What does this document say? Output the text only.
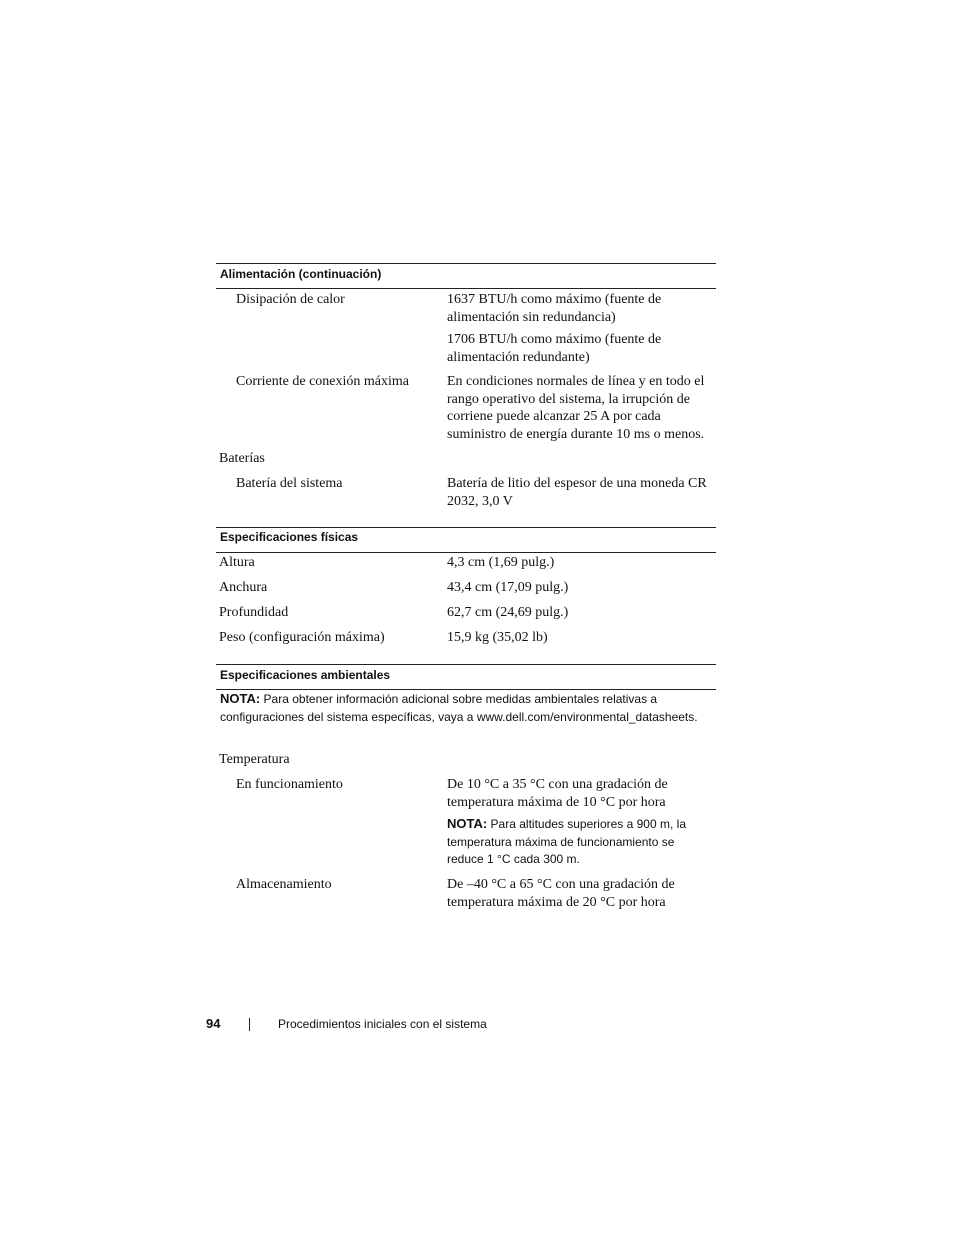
Alimentación (continuación)
Disipación de calor	1637 BTU/h como máximo (fuente de alimentación sin redundancia)
1706 BTU/h como máximo (fuente de alimentación redundante)
Corriente de conexión máxima	En condiciones normales de línea y en todo el rango operativo del sistema, la irrupción de corriene puede alcanzar 25 A por cada suministro de energía durante 10 ms o menos.
Baterías
Batería del sistema	Batería de litio del espesor de una moneda CR 2032, 3,0 V
Especificaciones físicas
Altura	4,3 cm (1,69 pulg.)
Anchura	43,4 cm (17,09 pulg.)
Profundidad	62,7 cm (24,69 pulg.)
Peso (configuración máxima)	15,9 kg (35,02 lb)
Especificaciones ambientales
NOTA: Para obtener información adicional sobre medidas ambientales relativas a configuraciones del sistema específicas, vaya a www.dell.com/environmental_datasheets.
Temperatura
En funcionamiento	De 10 °C a 35 °C con una gradación de temperatura máxima de 10 °C por hora
NOTA: Para altitudes superiores a 900 m, la temperatura máxima de funcionamiento se reduce 1 °C cada 300 m.
Almacenamiento	De –40 °C a 65 °C con una gradación de temperatura máxima de 20 °C por hora
94	Procedimientos iniciales con el sistema
